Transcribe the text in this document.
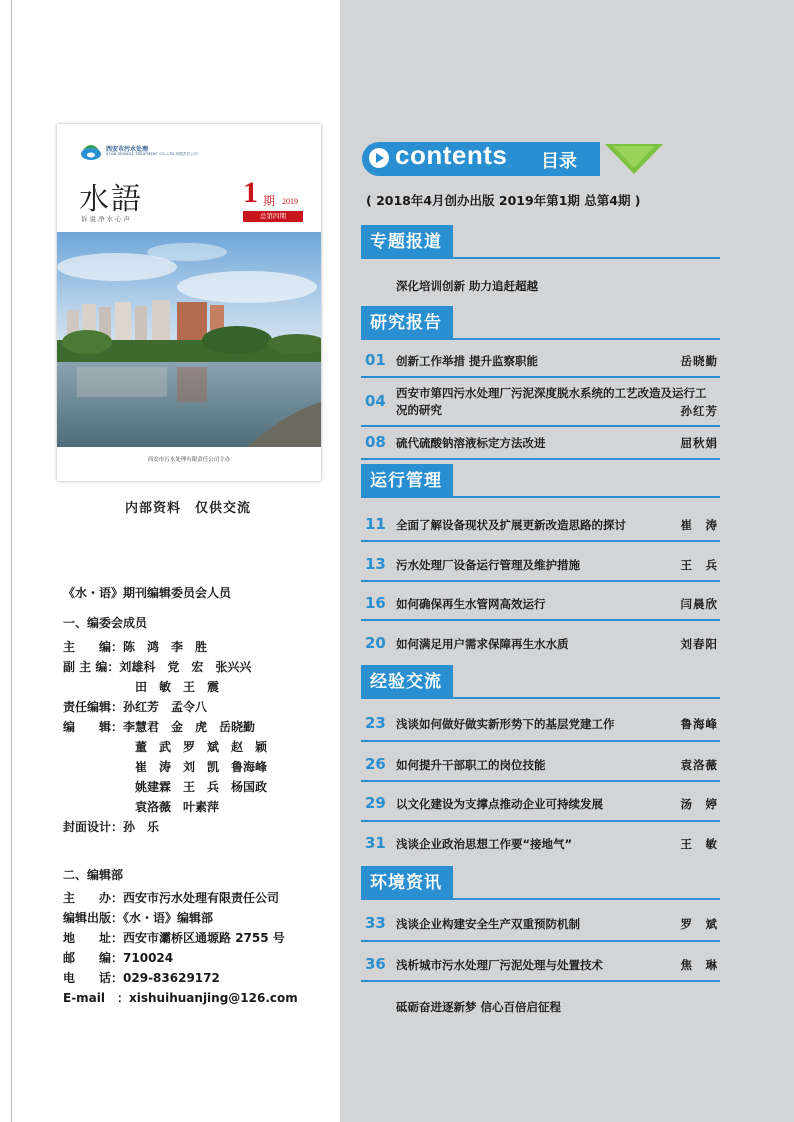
西安市污水处理
XI'AN SEWAGE TREATMENT CO.,LTD 有限责任公司
水語
诉说净水心声
1 期 2019
总第四期
西安市污水处理有限责任公司主办
内部资料　仅供交流
《水・语》期刊编辑委员会人员
一、编委会成员
主　　编：陈　鸿　李　胜
副 主 编：刘雄科　党　宏　张兴兴
田　敏　王　震
责任编辑：孙红芳　孟令八
编　　辑：李慧君　金　虎　岳晓勤
董　武　罗　斌　赵　颖
崔　涛　刘　凯　鲁海峰
姚建霖　王　兵　杨国政
袁洛薇　叶素萍
封面设计：孙　乐
二、编辑部
主　　办：西安市污水处理有限责任公司
编辑出版：《水・语》编辑部
地　　址：西安市灞桥区通塬路 2755 号
邮　　编：710024
电　　话：029-83629172
E-mail　：xishuihuanjing@126.com
contents 目录
( 2018年4月创办出版 2019年第1期 总第4期 )
专题报道
深化培训创新 助力追赶超越
研究报告
01 创新工作举措 提升监察职能	岳晓勤
04 西安市第四污水处理厂污泥深度脱水系统的工艺改造及运行工况的研究	孙红芳
08 硫代硫酸钠溶液标定方法改进	屈秋娟
运行管理
11 全面了解设备现状及扩展更新改造思路的探讨	崔　涛
13 污水处理厂设备运行管理及维护措施	王　兵
16 如何确保再生水管网高效运行	闫晨欣
20 如何满足用户需求保障再生水水质	刘春阳
经验交流
23 浅谈如何做好做实新形势下的基层党建工作	鲁海峰
26 如何提升干部职工的岗位技能	袁洛薇
29 以文化建设为支撑点推动企业可持续发展	汤　婷
31 浅谈企业政治思想工作要“接地气”	王　敏
环境资讯
33 浅谈企业构建安全生产双重预防机制	罗　斌
36 浅析城市污水处理厂污泥处理与处置技术	焦　琳
砥砺奋进逐新梦 信心百倍启征程
